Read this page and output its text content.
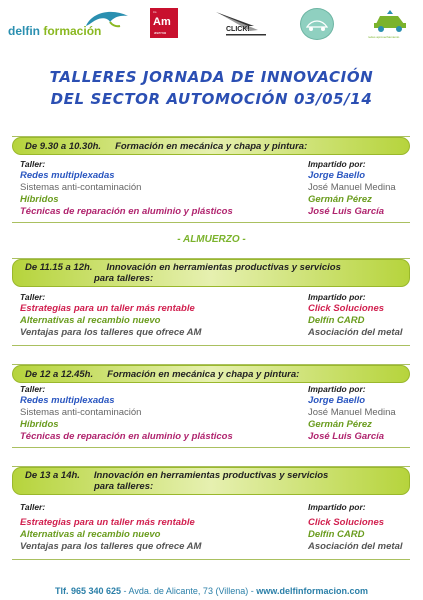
delfin formación
tm
Am
asema	CLICK!
redes aprovechamiento
TALLERES JORNADA DE INNOVACIÓN
DEL SECTOR AUTOMOCIÓN 03/05/14
De 9.30 a 10.30h. Formación en mecánica y chapa y pintura:
Taller:	Impartido por:
Redes multiplexadas	Jorge Baello
Sistemas anti-contaminación	José Manuel Medina
Híbridos	Germán Pérez
Técnicas de reparación en aluminio y plásticos	José Luis García
- ALMUERZO -
De 11.15 a 12h. Innovación en herramientas productivas y servicios
para talleres:
Taller:	Impartido por:
Estrategias para un taller más rentable	Click Soluciones
Alternativas al recambio nuevo	Delfín CARD
Ventajas para los talleres que ofrece AM	Asociación del metal
De 12 a 12.45h. Formación en mecánica y chapa y pintura:
Taller:	Impartido por:
Redes multiplexadas	Jorge Baello
Sistemas anti-contaminación	José Manuel Medina
Híbridos	Germán Pérez
Técnicas de reparación en aluminio y plásticos	José Luis García
De 13 a 14h. Innovación en herramientas productivas y servicios
para talleres:
Taller:	Impartido por:
Estrategias para un taller más rentable	Click Soluciones
Alternativas al recambio nuevo	Delfín CARD
Ventajas para los talleres que ofrece AM	Asociación del metal
Tlf. 965 340 625 - Avda. de Alicante, 73 (Villena) - www.delfinformacion.com
